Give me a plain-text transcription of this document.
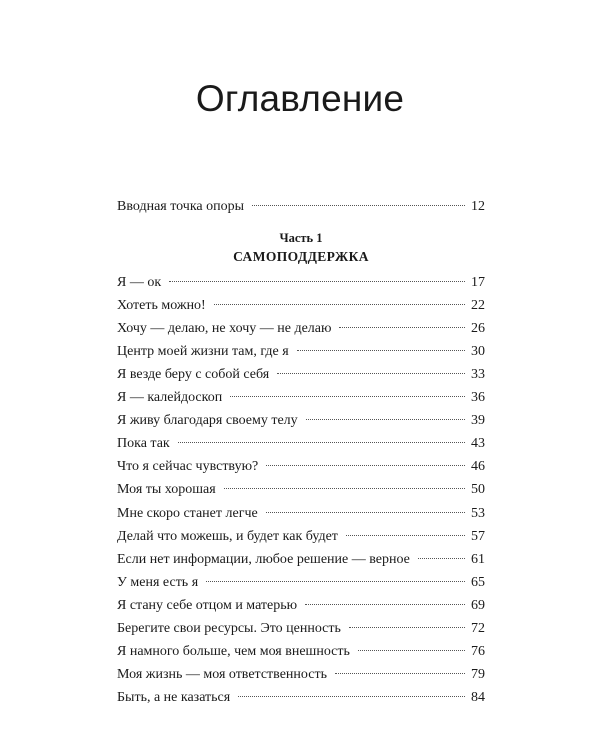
Оглавление
Вводная точка опоры	12
Часть 1
САМОПОДДЕРЖКА
Я — ок	17
Хотеть можно!	22
Хочу — делаю, не хочу — не делаю	26
Центр моей жизни там, где я	30
Я везде беру с собой себя	33
Я — калейдоскоп	36
Я живу благодаря своему телу	39
Пока так	43
Что я сейчас чувствую?	46
Моя ты хорошая	50
Мне скоро станет легче	53
Делай что можешь, и будет как будет	57
Если нет информации, любое решение — верное	61
У меня есть я	65
Я стану себе отцом и матерью	69
Берегите свои ресурсы. Это ценность	72
Я намного больше, чем моя внешность	76
Моя жизнь — моя ответственность	79
Быть, а не казаться	84
